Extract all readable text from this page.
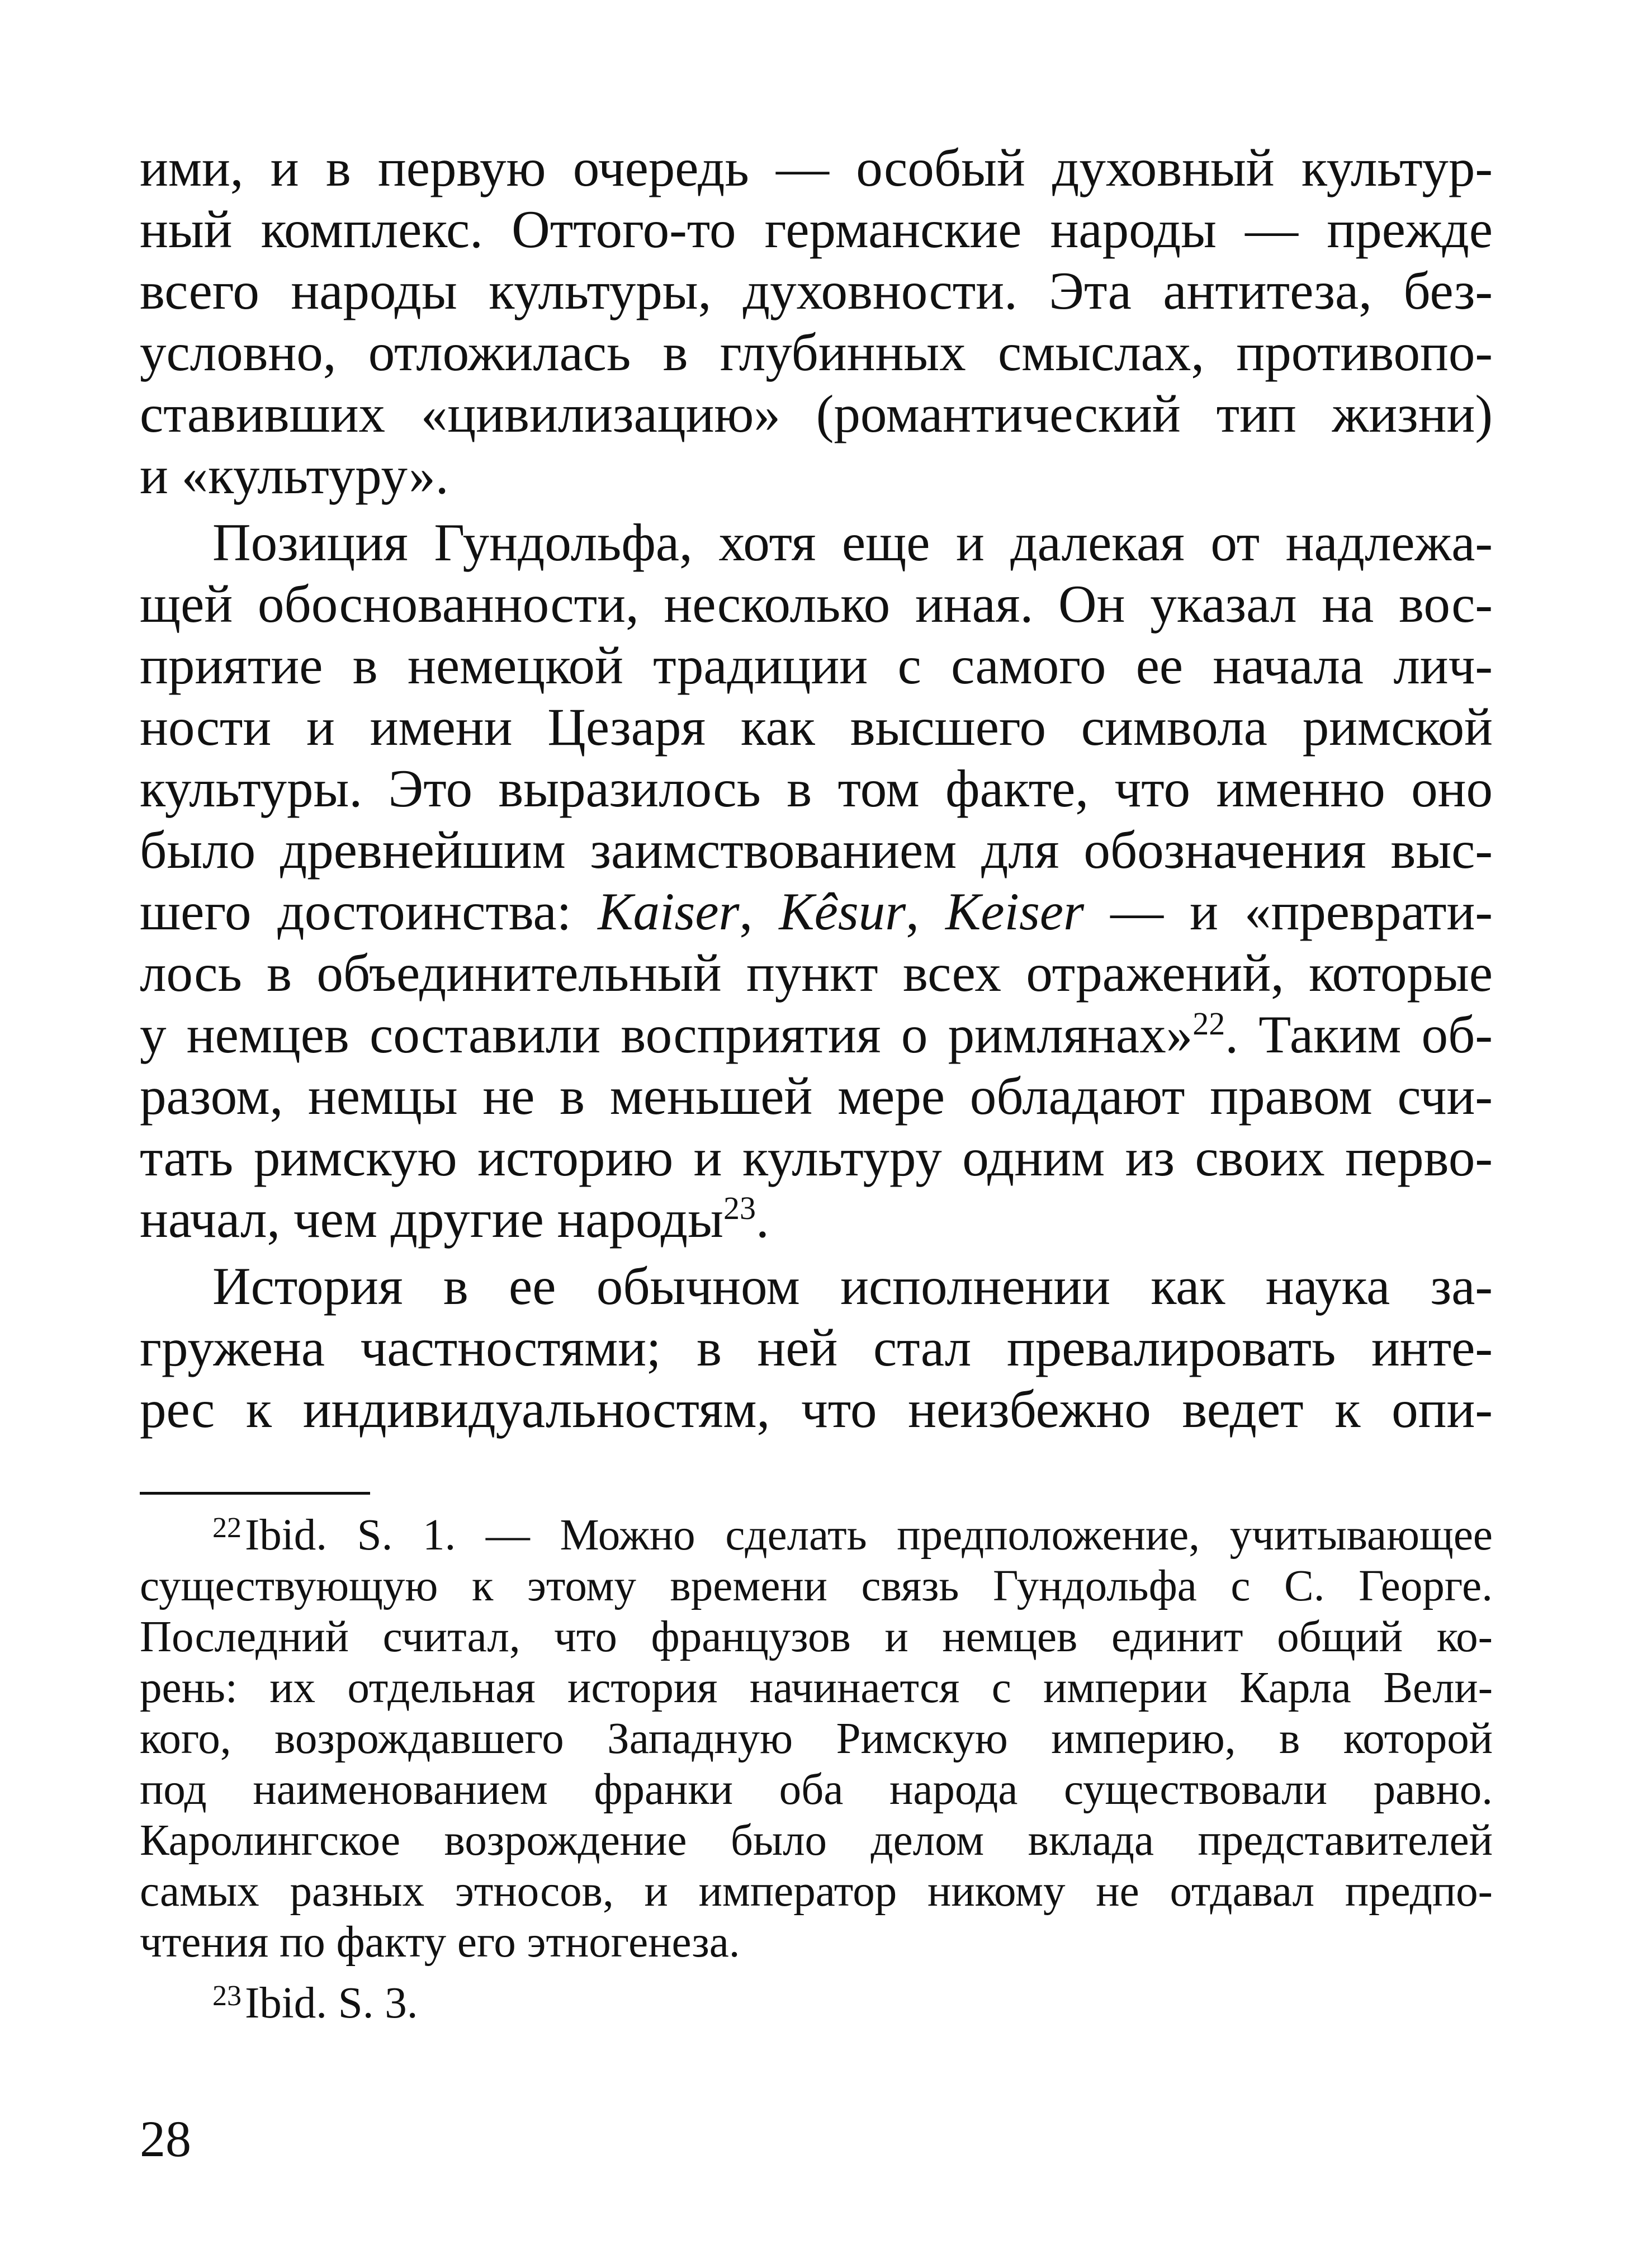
ими, и в первую очередь — особый духовный культур-
ный комплекс. Оттого-то германские народы — прежде
всего народы культуры, духовности. Эта антитеза, без-
условно, отложилась в глубинных смыслах, противопо-
ставивших «цивилизацию» (романтический тип жизни)
и «культуру».
Позиция Гундольфа, хотя еще и далекая от надлежа-
щей обоснованности, несколько иная. Он указал на вос-
приятие в немецкой традиции с самого ее начала лич-
ности и имени Цезаря как высшего символа римской
культуры. Это выразилось в том факте, что именно оно
было древнейшим заимствованием для обозначения выс-
шего достоинства: Kaiser, Kêsur, Keiser — и «преврати-
лось в объединительный пункт всех отражений, которые
у немцев составили восприятия о римлянах»$^{22}$. Таким об-
разом, немцы не в меньшей мере обладают правом счи-
тать римскую историю и культуру одним из своих перво-
начал, чем другие народы$^{23}$.
История в ее обычном исполнении как наука за-
гружена частностями; в ней стал превалировать инте-
рес к индивидуальностям, что неизбежно ведет к опи-
$^{22}$Ibid. S. 1. — Можно сделать предположение, учитывающее
существующую к этому времени связь Гундольфа с С. Георге.
Последний считал, что французов и немцев единит общий ко-
рень: их отдельная история начинается с империи Карла Вели-
кого, возрождавшего Западную Римскую империю, в которой
под наименованием франки оба народа существовали равно.
Каролингское возрождение было делом вклада представителей
самых разных этносов, и император никому не отдавал предпо-
чтения по факту его этногенеза.
$^{23}$Ibid. S. 3.
28
